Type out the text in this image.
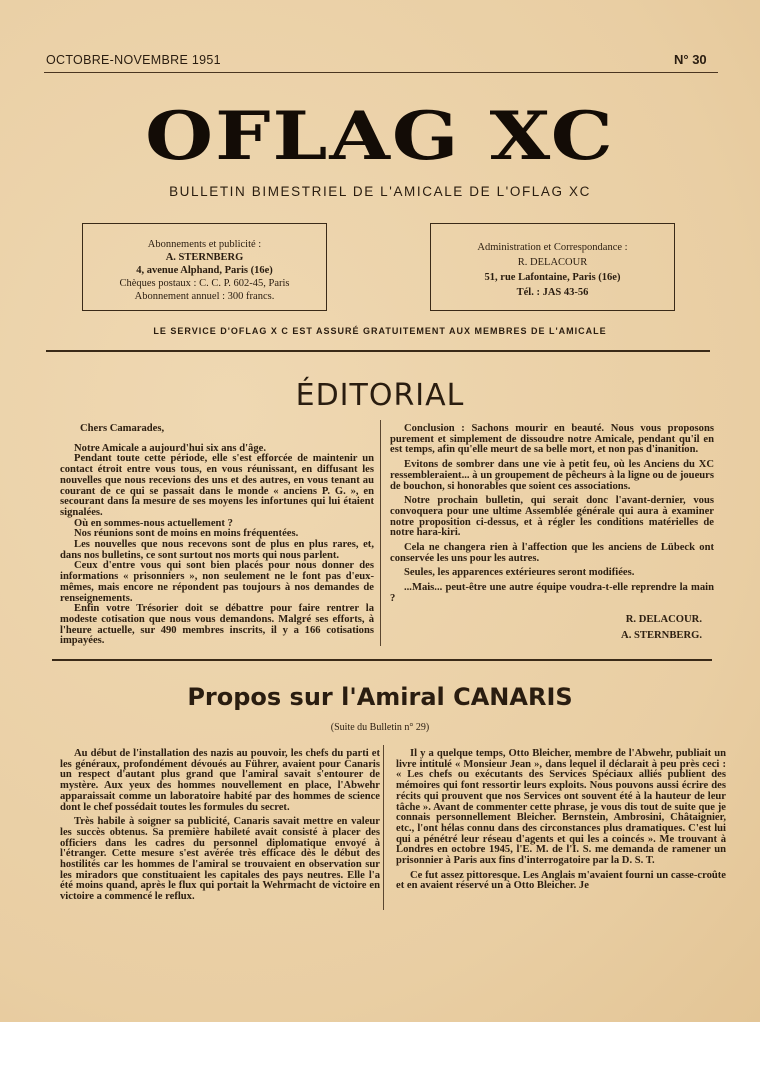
OCTOBRE-NOVEMBRE 1951	N° 30
OFLAG XC
BULLETIN BIMESTRIEL DE L'AMICALE DE L'OFLAG XC
Abonnements et publicité :
A. STERNBERG
4, avenue Alphand, Paris (16e)
Chèques postaux : C. C. P. 602-45, Paris
Abonnement annuel : 300 francs.
Administration et Correspondance :
R. DELACOUR
51, rue Lafontaine, Paris (16e)
Tél. : JAS 43-56
LE SERVICE D'OFLAG X C EST ASSURÉ GRATUITEMENT AUX MEMBRES DE L'AMICALE
ÉDITORIAL
Chers Camarades,

Notre Amicale a aujourd'hui six ans d'âge.

Pendant toute cette période, elle s'est efforcée de maintenir un contact étroit entre vous tous, en vous réunissant, en diffusant les nouvelles que nous recevions des uns et des autres, en vous tenant au courant de ce qui se passait dans le monde « anciens P. G. », en secourant dans la mesure de ses moyens les infortunes qui lui étaient signalées.

Où en sommes-nous actuellement ?

Nos réunions sont de moins en moins fréquentées.

Les nouvelles que nous recevons sont de plus en plus rares, et, dans nos bulletins, ce sont surtout nos morts qui nous parlent.

Ceux d'entre vous qui sont bien placés pour nous donner des informations « prisonniers », non seulement ne le font pas d'eux-mêmes, mais encore ne répondent pas toujours à nos demandes de renseignements.

Enfin votre Trésorier doit se débattre pour faire rentrer la modeste cotisation que nous vous demandons. Malgré ses efforts, à l'heure actuelle, sur 490 membres inscrits, il y a 166 cotisations impayées.

Conclusion : Sachons mourir en beauté. Nous vous proposons purement et simplement de dissoudre notre Amicale, pendant qu'il en est temps, afin qu'elle meurt de sa belle mort, et non pas d'inanition.

Evitons de sombrer dans une vie à petit feu, où les Anciens du XC ressembleraient... à un groupement de pêcheurs à la ligne ou de joueurs de bouchon, si honorables que soient ces associations.

Notre prochain bulletin, qui serait donc l'avant-dernier, vous convoquera pour une ultime Assemblée générale qui aura à examiner notre proposition ci-dessus, et à régler les conditions matérielles de notre hara-kiri.

Cela ne changera rien à l'affection que les anciens de Lübeck ont conservée les uns pour les autres.

Seules, les apparences extérieures seront modifiées.

...Mais... peut-être une autre équipe voudra-t-elle reprendre la main ?

R. DELACOUR.

A. STERNBERG.

Propos sur l'Amiral CANARIS
(Suite du Bulletin n° 29)

Au début de l'installation des nazis au pouvoir, les chefs du parti et les généraux, profondément dévoués au Führer, avaient pour Canaris un respect d'autant plus grand que l'amiral savait s'entourer de mystère. Aux yeux des hommes nouvellement en place, l'Abwehr apparaissait comme un laboratoire habité par des hommes de science dont le chef possédait toutes les formules du secret.

Très habile à soigner sa publicité, Canaris savait mettre en valeur les succès obtenus. Sa première habileté avait consisté à placer des officiers dans les cadres du personnel diplomatique envoyé à l'étranger. Cette mesure s'est avérée très efficace dès le début des hostilités car les hommes de l'amiral se trouvaient en observation sur les miradors que constituaient les capitales des pays neutres. Elle l'a été moins quand, après le flux qui portait la Wehrmacht de victoire en victoire a commencé le reflux.

Il y a quelque temps, Otto Bleicher, membre de l'Abwehr, publiait un livre intitulé « Monsieur Jean », dans lequel il déclarait à peu près ceci : « Les chefs ou exécutants des Services Spéciaux alliés publient des mémoires qui font ressortir leurs exploits. Nous pouvons aussi écrire des récits qui prouvent que nos Services ont souvent été à la hauteur de leur tâche ». Avant de commenter cette phrase, je vous dis tout de suite que je connais personnellement Bleicher. Bernstein, Ambrosini, Châtaignier, etc., l'ont hélas connu dans des circonstances plus dramatiques. C'est lui qui a pénétré leur réseau d'agents et qui les a coincés ». Me trouvant à Londres en octobre 1945, l'E. M. de l'I. S. me demanda de ramener un prisonnier à Paris aux fins d'interrogatoire par la D. S. T.

Ce fut assez pittoresque. Les Anglais m'avaient fourni un casse-croûte et en avaient réservé un à Otto Bleicher. Je
